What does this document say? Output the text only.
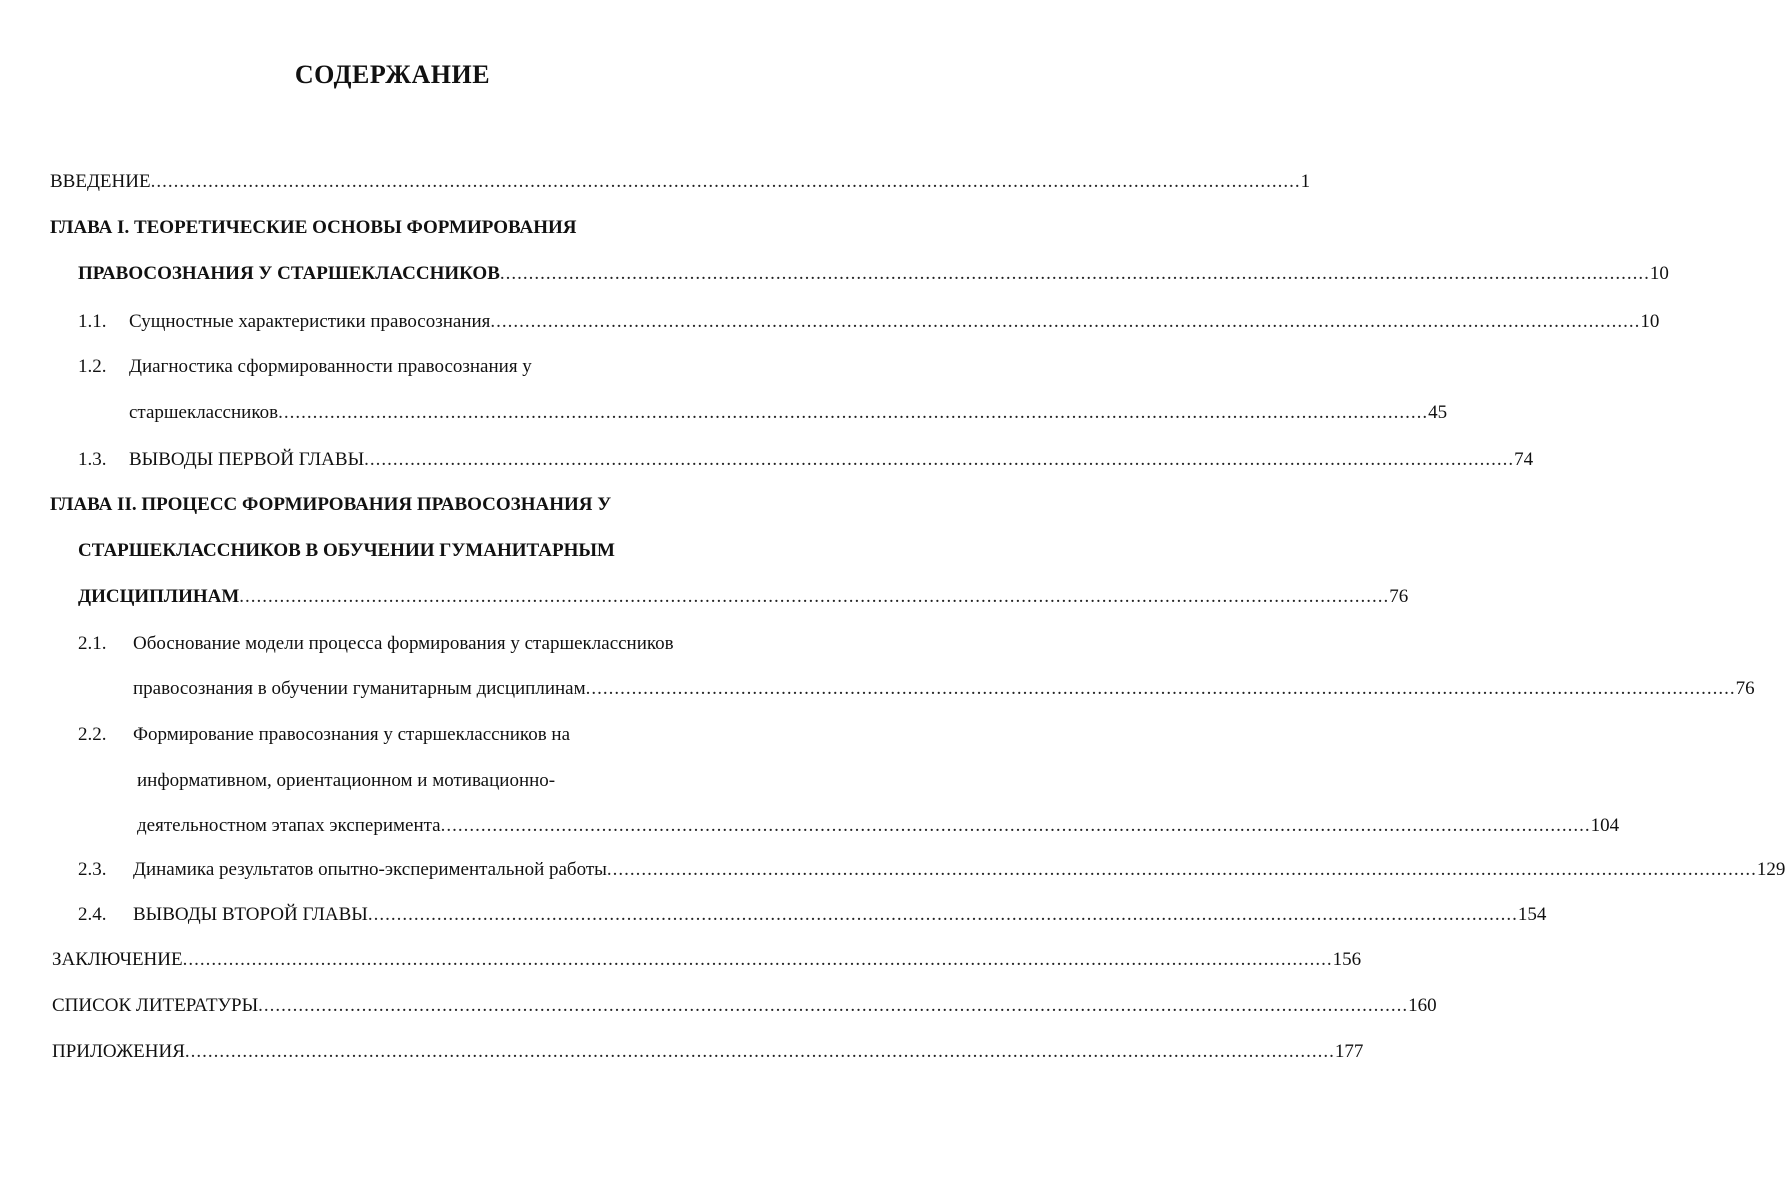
СОДЕРЖАНИЕ
ВВЕДЕНИЕ .....	1
ГЛАВА I. ТЕОРЕТИЧЕСКИЕ ОСНОВЫ ФОРМИРОВАНИЯ
ПРАВОСОЗНАНИЯ У СТАРШЕКЛАССНИКОВ .....	10
1.1.	Сущностные характеристики правосознания .....	10
1.2.	Диагностика сформированности правосознания у
старшеклассников .....	45
1.3.	ВЫВОДЫ ПЕРВОЙ ГЛАВЫ .....	74
ГЛАВА II. ПРОЦЕСС ФОРМИРОВАНИЯ ПРАВОСОЗНАНИЯ У
СТАРШЕКЛАССНИКОВ В ОБУЧЕНИИ ГУМАНИТАРНЫМ
ДИСЦИПЛИНАМ .....	76
2.1.	Обоснование модели процесса формирования у старшеклассников
правосознания в обучении гуманитарным дисциплинам .....	76
2.2.	Формирование правосознания у старшеклассников на
информативном, ориентационном и мотивационно-
деятельностном этапах эксперимента .....	104
2.3.	Динамика результатов опытно-экспериментальной работы .....	129
2.4.	ВЫВОДЫ ВТОРОЙ ГЛАВЫ .....	154
ЗАКЛЮЧЕНИЕ .....	156
СПИСОК ЛИТЕРАТУРЫ .....	160
ПРИЛОЖЕНИЯ .....	177
